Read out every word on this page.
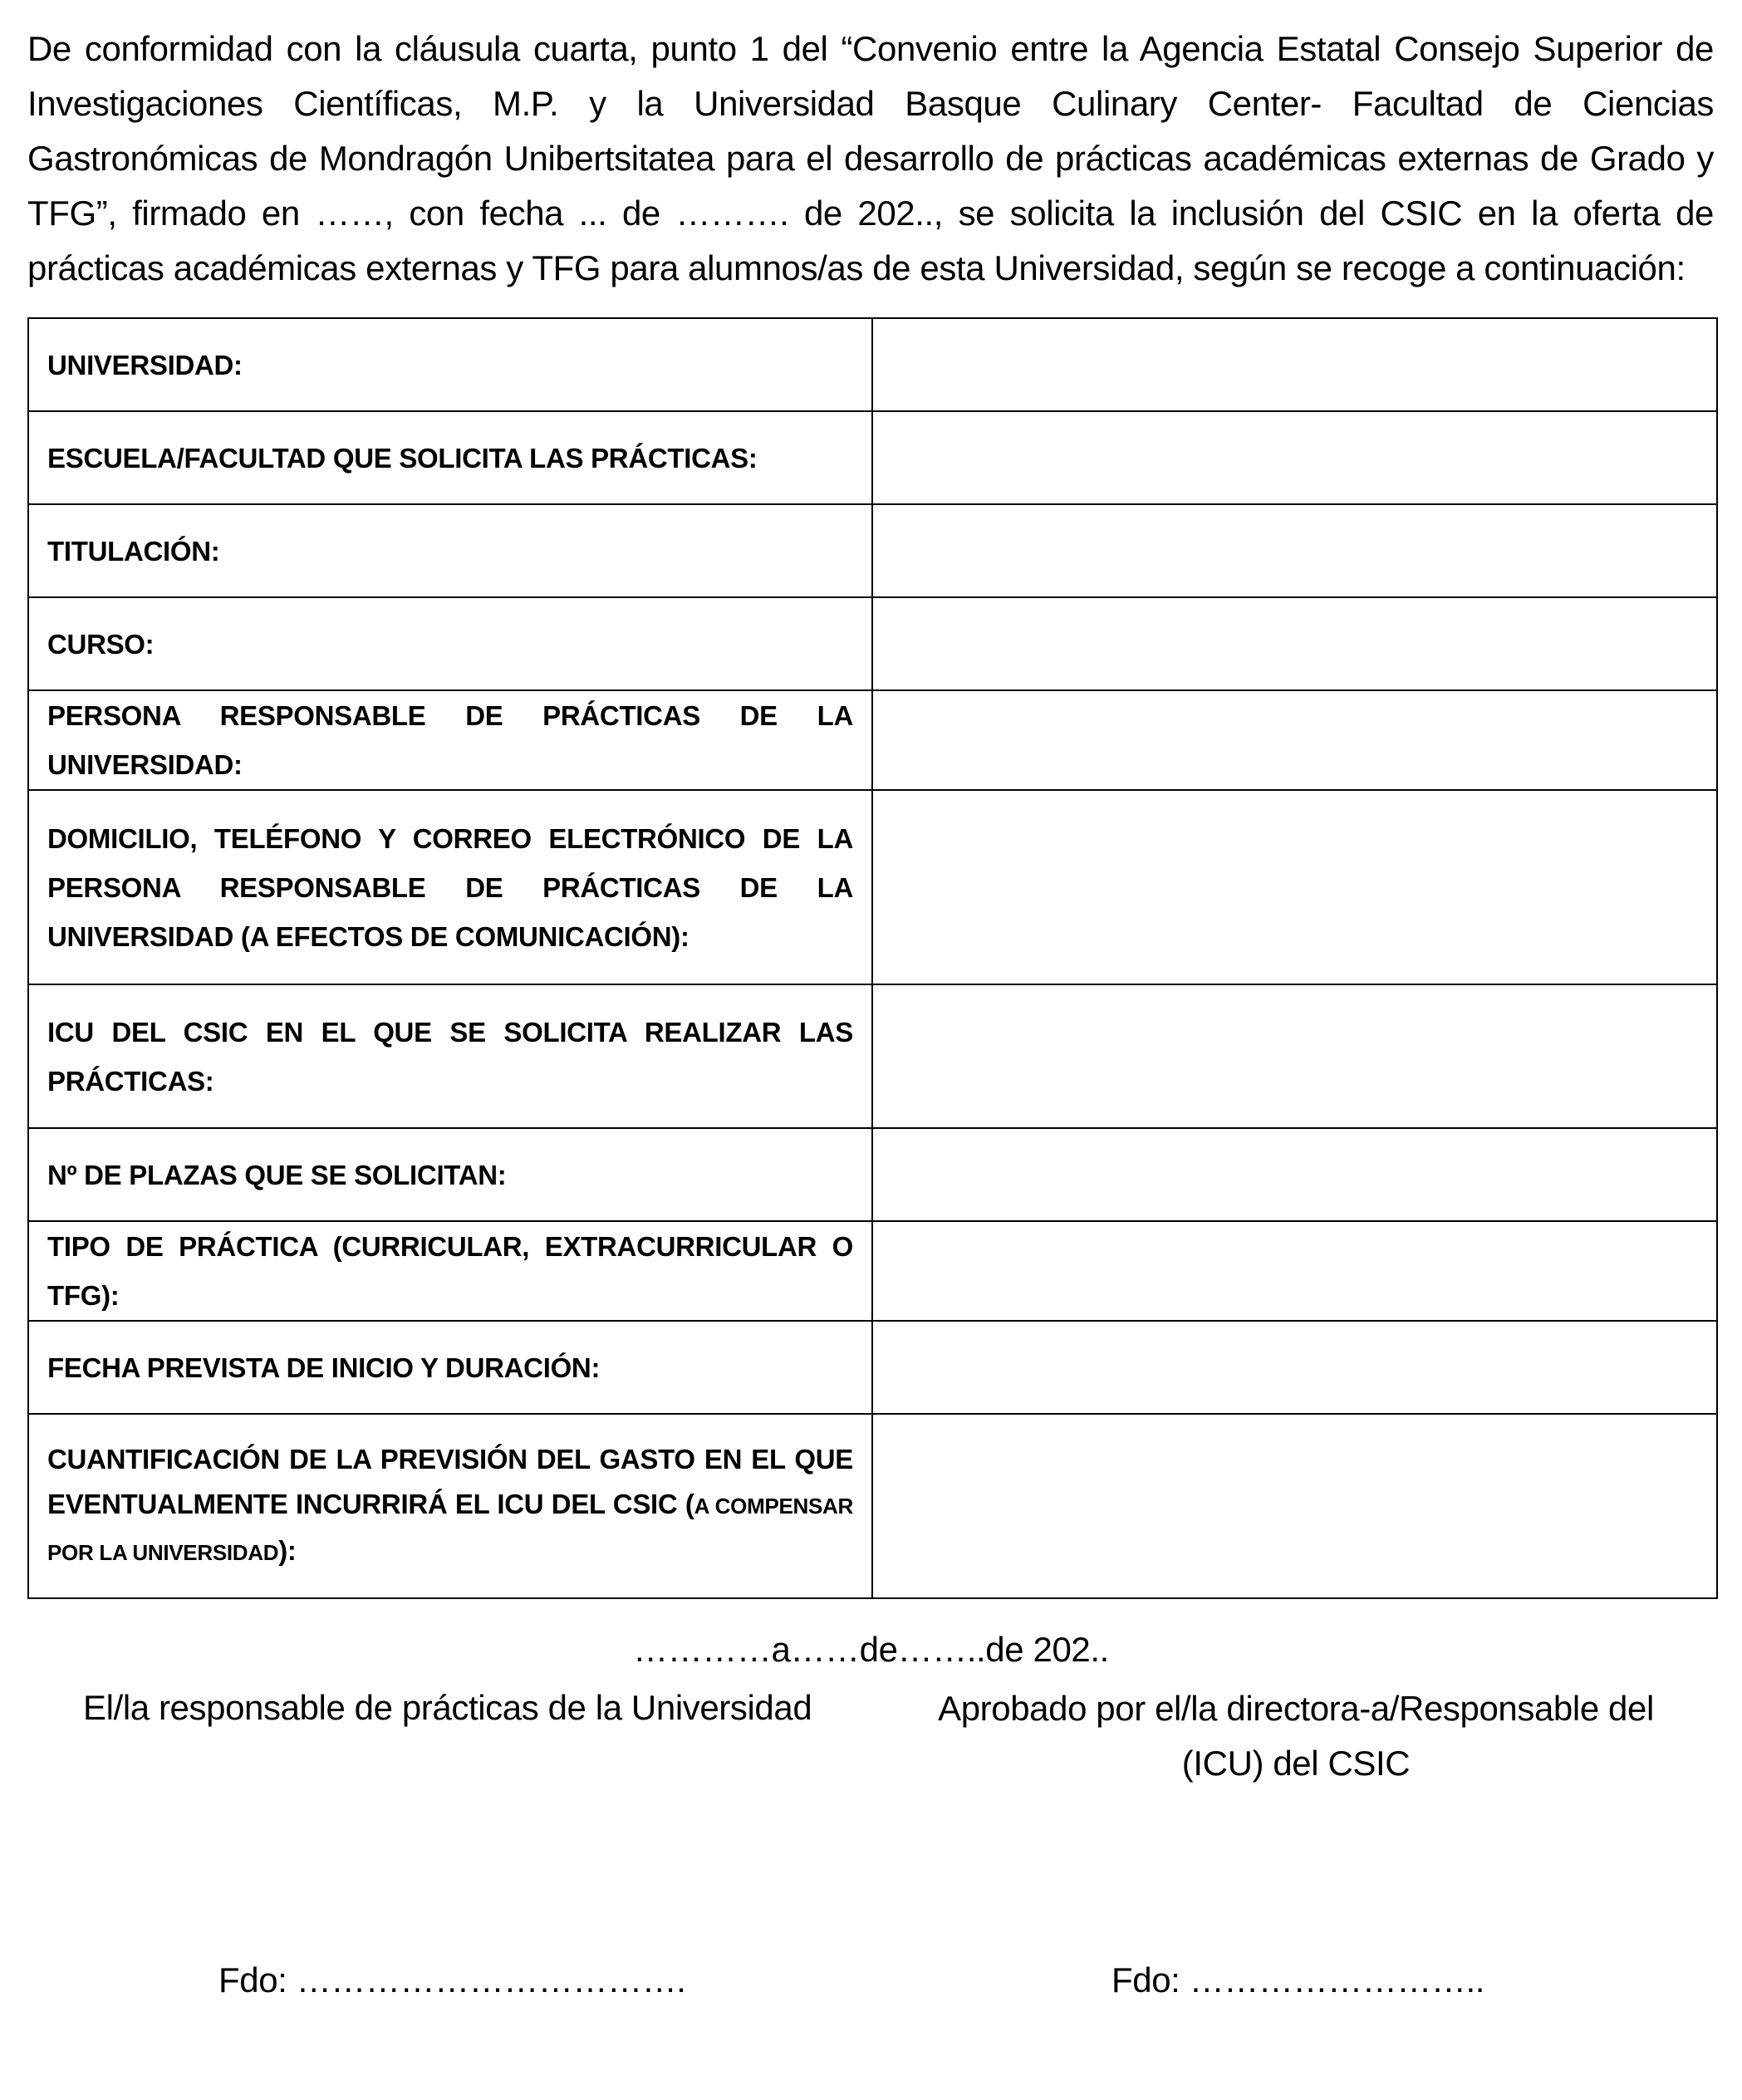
De conformidad con la cláusula cuarta, punto 1 del “Convenio entre la Agencia Estatal Consejo Superior de Investigaciones Científicas, M.P. y la Universidad Basque Culinary Center- Facultad de Ciencias Gastronómicas de Mondragón Unibertsitatea para el desarrollo de prácticas académicas externas de Grado y TFG”, firmado en ……, con fecha ... de ………. de 202.., se solicita la inclusión del CSIC en la oferta de prácticas académicas externas y TFG para alumnos/as de esta Universidad, según se recoge a continuación:

UNIVERSIDAD:	

ESCUELA/FACULTAD QUE SOLICITA LAS PRÁCTICAS:	

TITULACIÓN:	

CURSO:	

PERSONA RESPONSABLE DE PRÁCTICAS DE LA UNIVERSIDAD:	

DOMICILIO, TELÉFONO Y CORREO ELECTRÓNICO DE LA PERSONA RESPONSABLE DE PRÁCTICAS DE LA UNIVERSIDAD (A EFECTOS DE COMUNICACIÓN):	

ICU DEL CSIC EN EL QUE SE SOLICITA REALIZAR LAS PRÁCTICAS:	

Nº DE PLAZAS QUE SE SOLICITAN:	

TIPO DE PRÁCTICA (CURRICULAR, EXTRACURRICULAR O TFG):	

FECHA PREVISTA DE INICIO Y DURACIÓN:	

CUANTIFICACIÓN DE LA PREVISIÓN DEL GASTO EN EL QUE EVENTUALMENTE INCURRIRÁ EL ICU DEL CSIC (A COMPENSAR POR LA UNIVERSIDAD):	

…………a……de……..de 202..
El/la responsable de prácticas de la Universidad	Aprobado por el/la directora-a/Responsable del
(ICU) del CSIC
Fdo: …………………………….	Fdo: ……………………..
